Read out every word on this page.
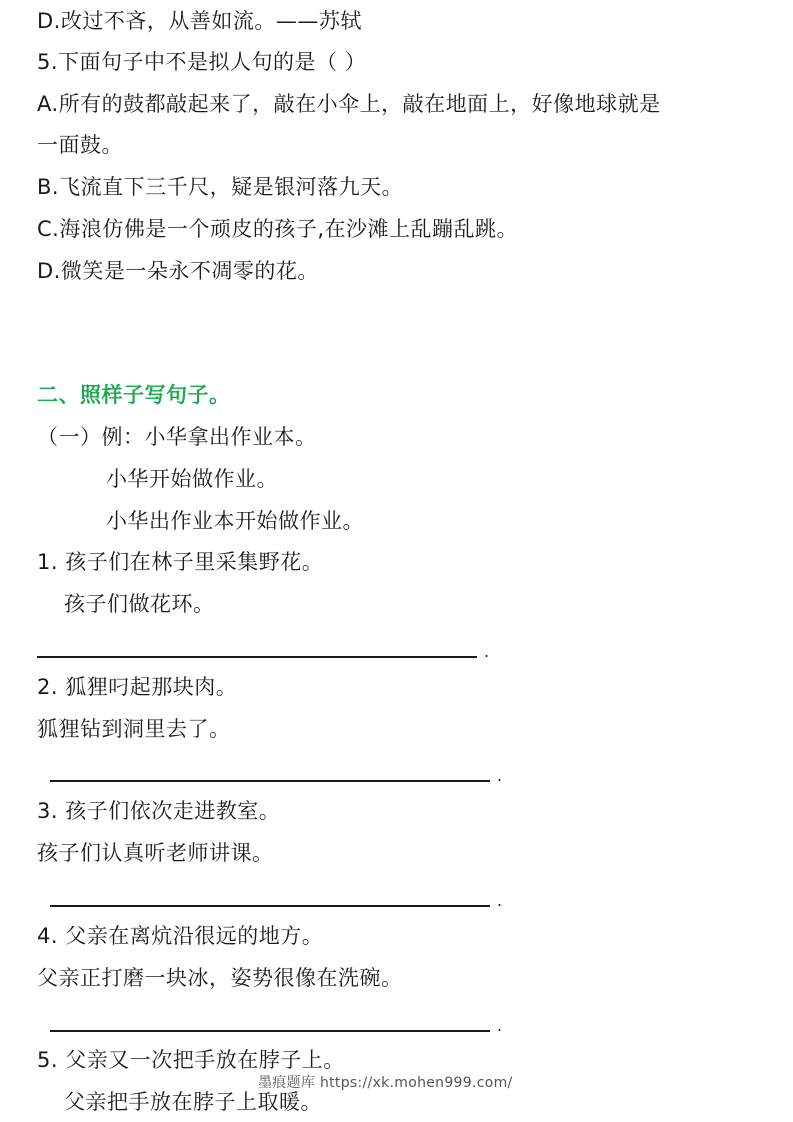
D.改过不吝，从善如流。——苏轼
5.下面句子中不是拟人句的是（ ）
A.所有的鼓都敲起来了，敲在小伞上，敲在地面上，好像地球就是
一面鼓。
B.飞流直下三千尺，疑是银河落九天。
C.海浪仿佛是一个顽皮的孩子,在沙滩上乱蹦乱跳。
D.微笑是一朵永不凋零的花。
二、照样子写句子。
（一）例：小华拿出作业本。
小华开始做作业。
小华出作业本开始做作业。
1. 孩子们在林子里采集野花。
孩子们做花环。
.
2. 狐狸叼起那块肉。
狐狸钻到洞里去了。
.
3. 孩子们依次走进教室。
孩子们认真听老师讲课。
.
4. 父亲在离炕沿很远的地方。
父亲正打磨一块冰，姿势很像在洗碗。
.
5. 父亲又一次把手放在脖子上。
父亲把手放在脖子上取暖。
墨痕题库 https://xk.mohen999.com/
